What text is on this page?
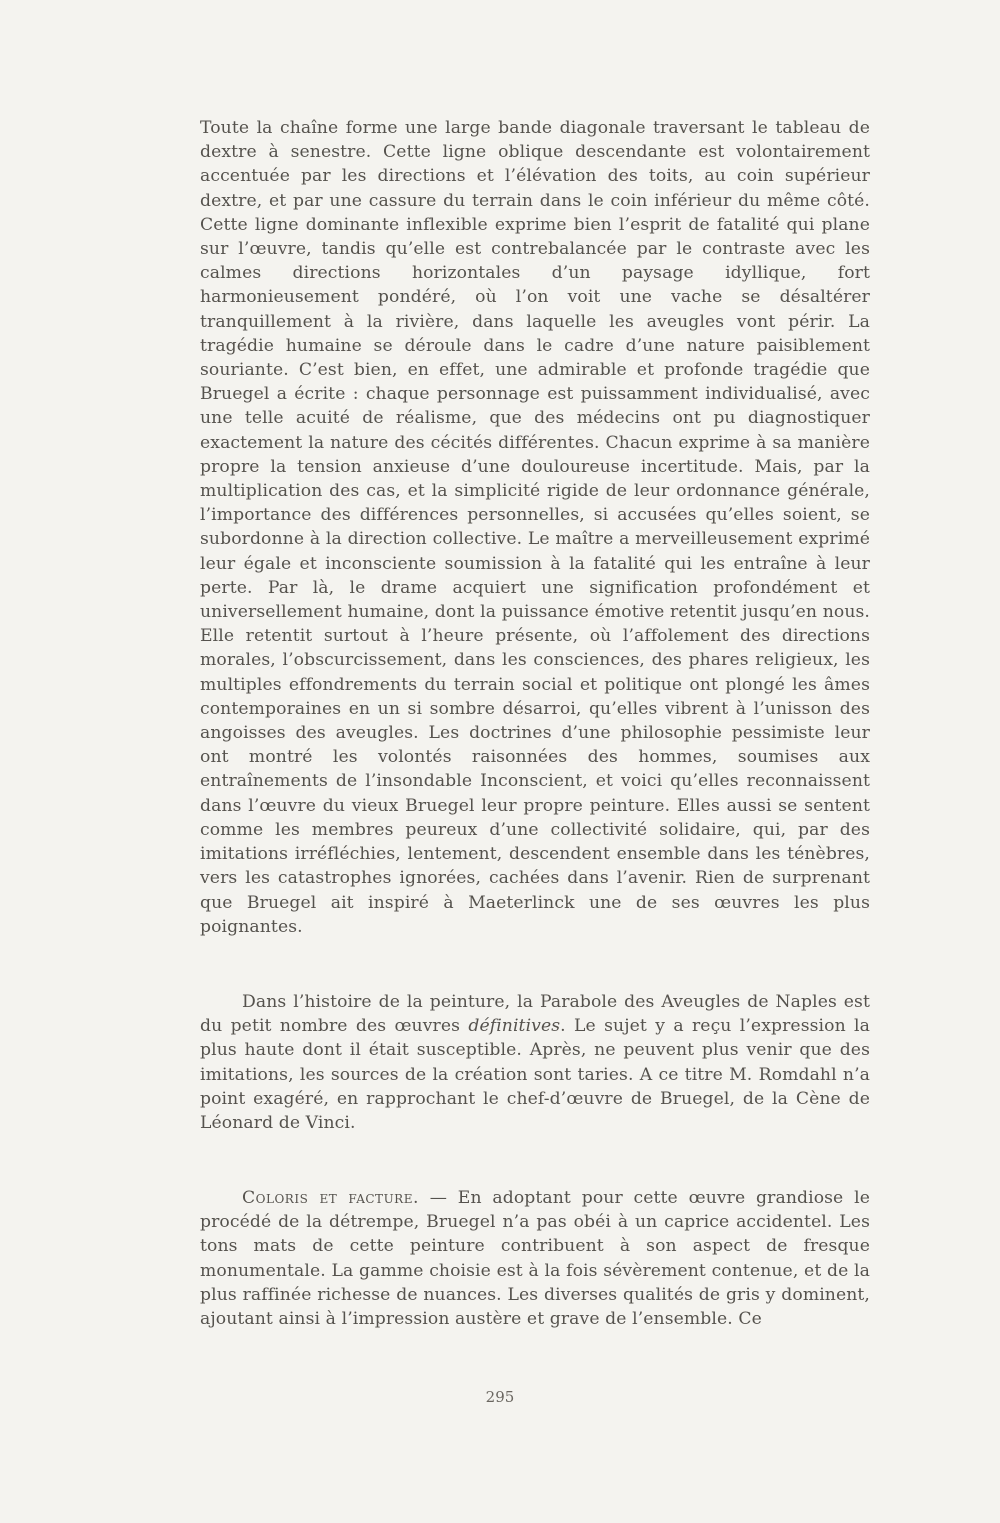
Toute la chaîne forme une large bande diagonale traversant le tableau de dextre à senestre. Cette ligne oblique descendante est volontairement accentuée par les directions et l’élévation des toits, au coin supérieur dextre, et par une cassure du terrain dans le coin inférieur du même côté. Cette ligne dominante inflexible exprime bien l’esprit de fatalité qui plane sur l’œuvre, tandis qu’elle est contrebalancée par le contraste avec les calmes directions horizontales d’un paysage idyllique, fort harmonieusement pondéré, où l’on voit une vache se désaltérer tranquillement à la rivière, dans laquelle les aveugles vont périr. La tragédie humaine se déroule dans le cadre d’une nature paisiblement souriante. C’est bien, en effet, une admirable et profonde tragédie que Bruegel a écrite : chaque personnage est puissamment individualisé, avec une telle acuité de réalisme, que des médecins ont pu diagnostiquer exactement la nature des cécités différentes. Chacun exprime à sa manière propre la tension anxieuse d’une douloureuse incertitude. Mais, par la multiplication des cas, et la simplicité rigide de leur ordonnance générale, l’importance des différences personnelles, si accusées qu’elles soient, se subordonne à la direction collective. Le maître a merveilleusement exprimé leur égale et inconsciente soumission à la fatalité qui les entraîne à leur perte. Par là, le drame acquiert une signification profondément et universellement humaine, dont la puissance émotive retentit jusqu’en nous. Elle retentit surtout à l’heure présente, où l’affolement des directions morales, l’obscurcissement, dans les consciences, des phares religieux, les multiples effondrements du terrain social et politique ont plongé les âmes contemporaines en un si sombre désarroi, qu’elles vibrent à l’unisson des angoisses des aveugles. Les doctrines d’une philosophie pessimiste leur ont montré les volontés raisonnées des hommes, soumises aux entraînements de l’insondable Inconscient, et voici qu’elles reconnaissent dans l’œuvre du vieux Bruegel leur propre peinture. Elles aussi se sentent comme les membres peureux d’une collectivité solidaire, qui, par des imitations irréfléchies, lentement, descendent ensemble dans les ténèbres, vers les catastrophes ignorées, cachées dans l’avenir. Rien de surprenant que Bruegel ait inspiré à Maeterlinck une de ses œuvres les plus poignantes.

Dans l’histoire de la peinture, la Parabole des Aveugles de Naples est du petit nombre des œuvres définitives. Le sujet y a reçu l’expression la plus haute dont il était susceptible. Après, ne peuvent plus venir que des imitations, les sources de la création sont taries. A ce titre M. Romdahl n’a point exagéré, en rapprochant le chef-d’œuvre de Bruegel, de la Cène de Léonard de Vinci.

Coloris et facture. — En adoptant pour cette œuvre grandiose le procédé de la détrempe, Bruegel n’a pas obéi à un caprice accidentel. Les tons mats de cette peinture contribuent à son aspect de fresque monumentale. La gamme choisie est à la fois sévèrement contenue, et de la plus raffinée richesse de nuances. Les diverses qualités de gris y dominent, ajoutant ainsi à l’impression austère et grave de l’ensemble. Ce

295
